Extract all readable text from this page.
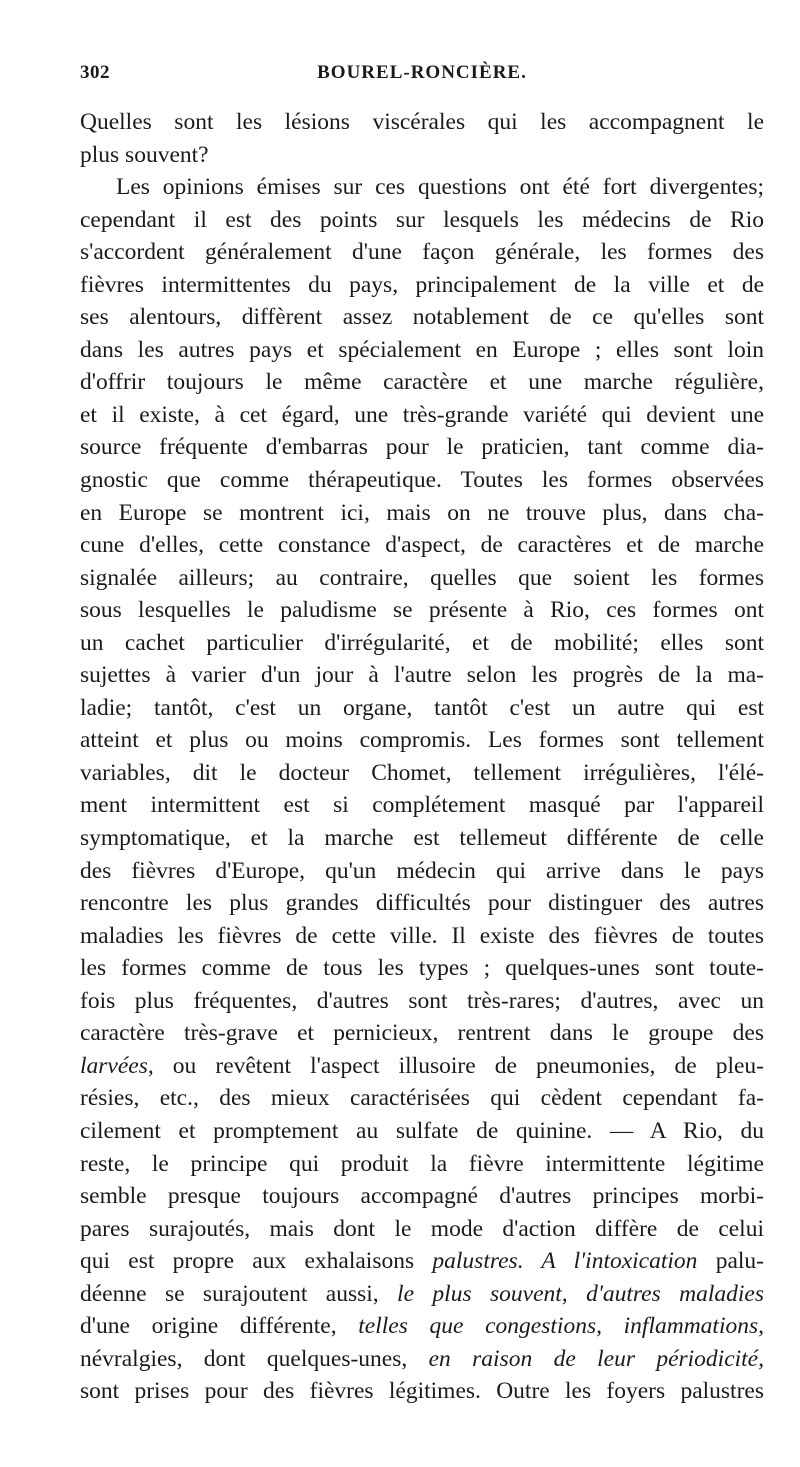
302	BOUREL-RONCIÈRE.
Quelles sont les lésions viscérales qui les accompagnent le
plus souvent?
Les opinions émises sur ces questions ont été fort divergentes;
cependant il est des points sur lesquels les médecins de Rio
s'accordent généralement d'une façon générale, les formes des
fièvres intermittentes du pays, principalement de la ville et de
ses alentours, diffèrent assez notablement de ce qu'elles sont
dans les autres pays et spécialement en Europe ; elles sont loin
d'offrir toujours le même caractère et une marche régulière,
et il existe, à cet égard, une très-grande variété qui devient une
source fréquente d'embarras pour le praticien, tant comme dia-
gnostic que comme thérapeutique. Toutes les formes observées
en Europe se montrent ici, mais on ne trouve plus, dans cha-
cune d'elles, cette constance d'aspect, de caractères et de marche
signalée ailleurs; au contraire, quelles que soient les formes
sous lesquelles le paludisme se présente à Rio, ces formes ont
un cachet particulier d'irrégularité, et de mobilité; elles sont
sujettes à varier d'un jour à l'autre selon les progrès de la ma-
ladie; tantôt, c'est un organe, tantôt c'est un autre qui est
atteint et plus ou moins compromis. Les formes sont tellement
variables, dit le docteur Chomet, tellement irrégulières, l'élé-
ment intermittent est si complétement masqué par l'appareil
symptomatique, et la marche est tellemeut différente de celle
des fièvres d'Europe, qu'un médecin qui arrive dans le pays
rencontre les plus grandes difficultés pour distinguer des autres
maladies les fièvres de cette ville. Il existe des fièvres de toutes
les formes comme de tous les types ; quelques-unes sont toute-
fois plus fréquentes, d'autres sont très-rares; d'autres, avec un
caractère très-grave et pernicieux, rentrent dans le groupe des
larvées, ou revêtent l'aspect illusoire de pneumonies, de pleu-
résies, etc., des mieux caractérisées qui cèdent cependant fa-
cilement et promptement au sulfate de quinine. — A Rio, du
reste, le principe qui produit la fièvre intermittente légitime
semble presque toujours accompagné d'autres principes morbi-
pares surajoutés, mais dont le mode d'action diffère de celui
qui est propre aux exhalaisons palustres. A l'intoxication palu-
déenne se surajoutent aussi, le plus souvent, d'autres maladies
d'une origine différente, telles que congestions, inflammations,
névralgies, dont quelques-unes, en raison de leur périodicité,
sont prises pour des fièvres légitimes. Outre les foyers palustres
